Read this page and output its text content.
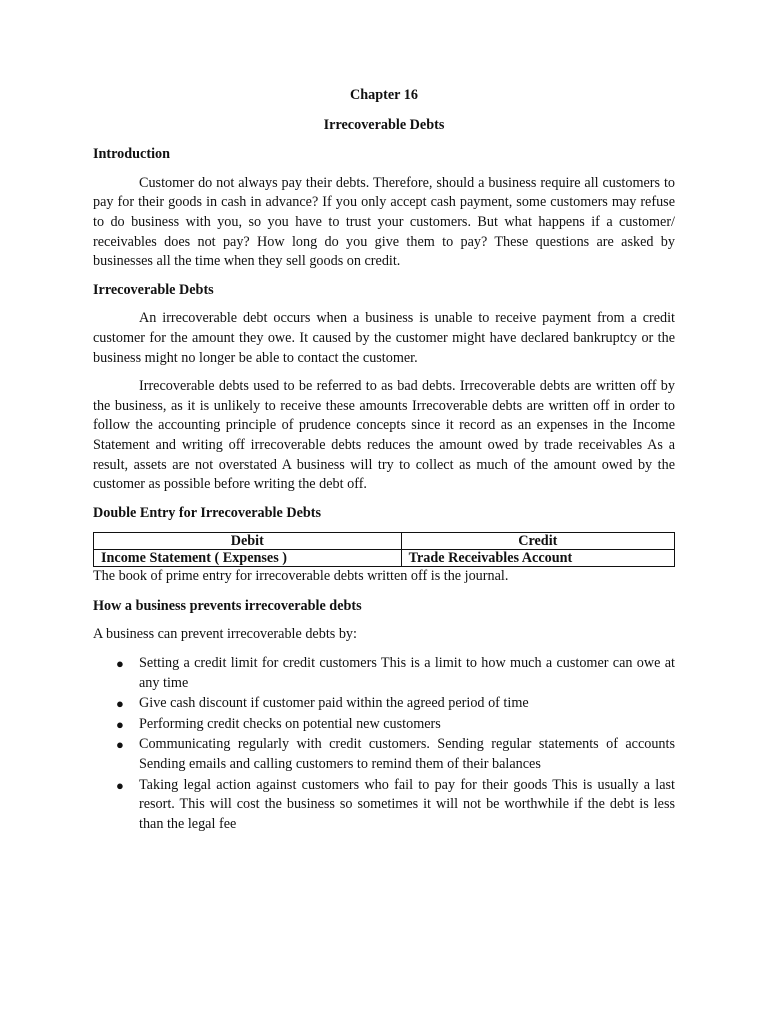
Chapter 16
Irrecoverable Debts
Introduction

Customer do not always pay their debts. Therefore, should a business require all customers to pay for their goods in cash in advance? If you only accept cash payment, some customers may refuse to do business with you, so you have to trust your customers. But what happens if a customer/ receivables does not pay? How long do you give them to pay? These questions are asked by businesses all the time when they sell goods on credit.

Irrecoverable Debts

An irrecoverable debt occurs when a business is unable to receive payment from a credit customer for the amount they owe. It caused by the customer might have declared bankruptcy or the business might no longer be able to contact the customer.

Irrecoverable debts used to be referred to as bad debts. Irrecoverable debts are written off by the business, as it is unlikely to receive these amounts Irrecoverable debts are written off in order to follow the accounting principle of prudence concepts since it record as an expenses in the Income Statement and writing off irrecoverable debts reduces the amount owed by trade receivables As a result, assets are not overstated A business will try to collect as much of the amount owed by the customer as possible before writing the debt off.

Double Entry for Irrecoverable Debts
Debit	Credit
Income Statement ( Expenses )	Trade Receivables Account
The book of prime entry for irrecoverable debts written off is the journal.
How a business prevents irrecoverable debts

A business can prevent irrecoverable debts by:

● Setting a credit limit for credit customers This is a limit to how much a customer can owe at any time
● Give cash discount if customer paid within the agreed period of time
● Performing credit checks on potential new customers
● Communicating regularly with credit customers. Sending regular statements of accounts Sending emails and calling customers to remind them of their balances
● Taking legal action against customers who fail to pay for their goods This is usually a last resort. This will cost the business so sometimes it will not be worthwhile if the debt is less than the legal fee
